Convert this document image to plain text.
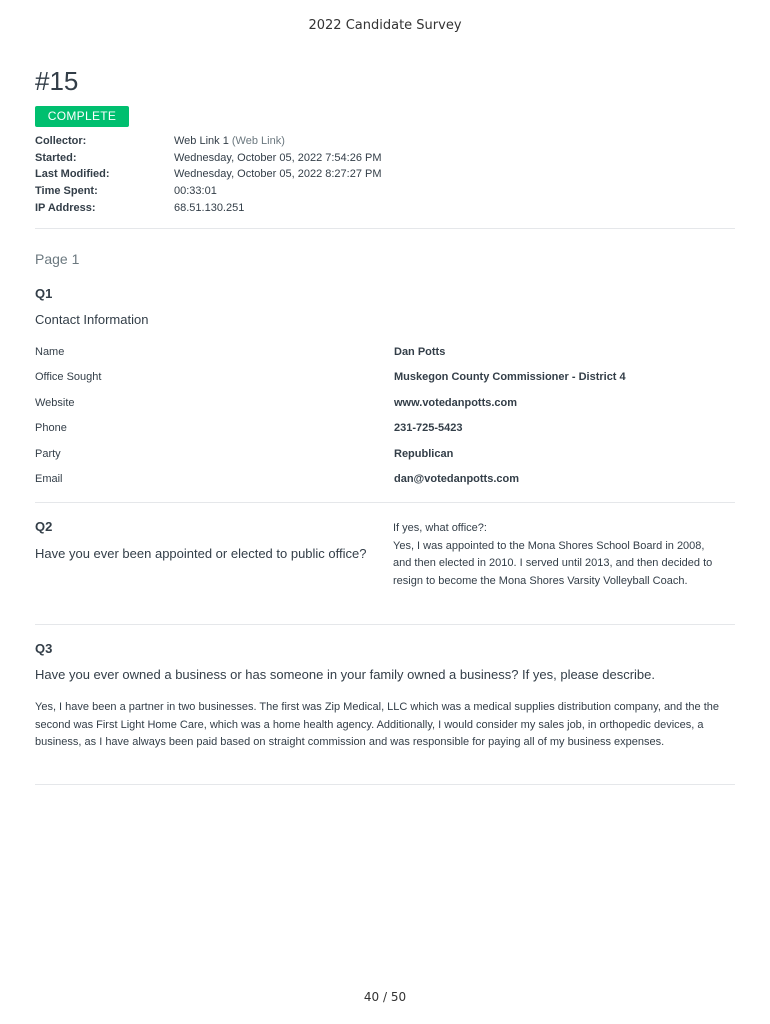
2022 Candidate Survey
#15
COMPLETE
Collector:	Web Link 1 (Web Link)
Started:	Wednesday, October 05, 2022 7:54:26 PM
Last Modified:	Wednesday, October 05, 2022 8:27:27 PM
Time Spent:	00:33:01
IP Address:	68.51.130.251
Page 1
Q1
Contact Information
Name	Dan Potts
Office Sought	Muskegon County Commissioner - District 4
Website	www.votedanpotts.com
Phone	231-725-5423
Party	Republican
Email	dan@votedanpotts.com
Q2
Have you ever been appointed or elected to public office?
If yes, what office?:
Yes, I was appointed to the Mona Shores School Board in 2008, and then elected in 2010. I served until 2013, and then decided to resign to become the Mona Shores Varsity Volleyball Coach.
Q3
Have you ever owned a business or has someone in your family owned a business? If yes, please describe.
Yes, I have been a partner in two businesses. The first was Zip Medical, LLC which was a medical supplies distribution company, and the the second was First Light Home Care, which was a home health agency. Additionally, I would consider my sales job, in orthopedic devices, a business, as I have always been paid based on straight commission and was responsible for paying all of my business expenses.
40 / 50
